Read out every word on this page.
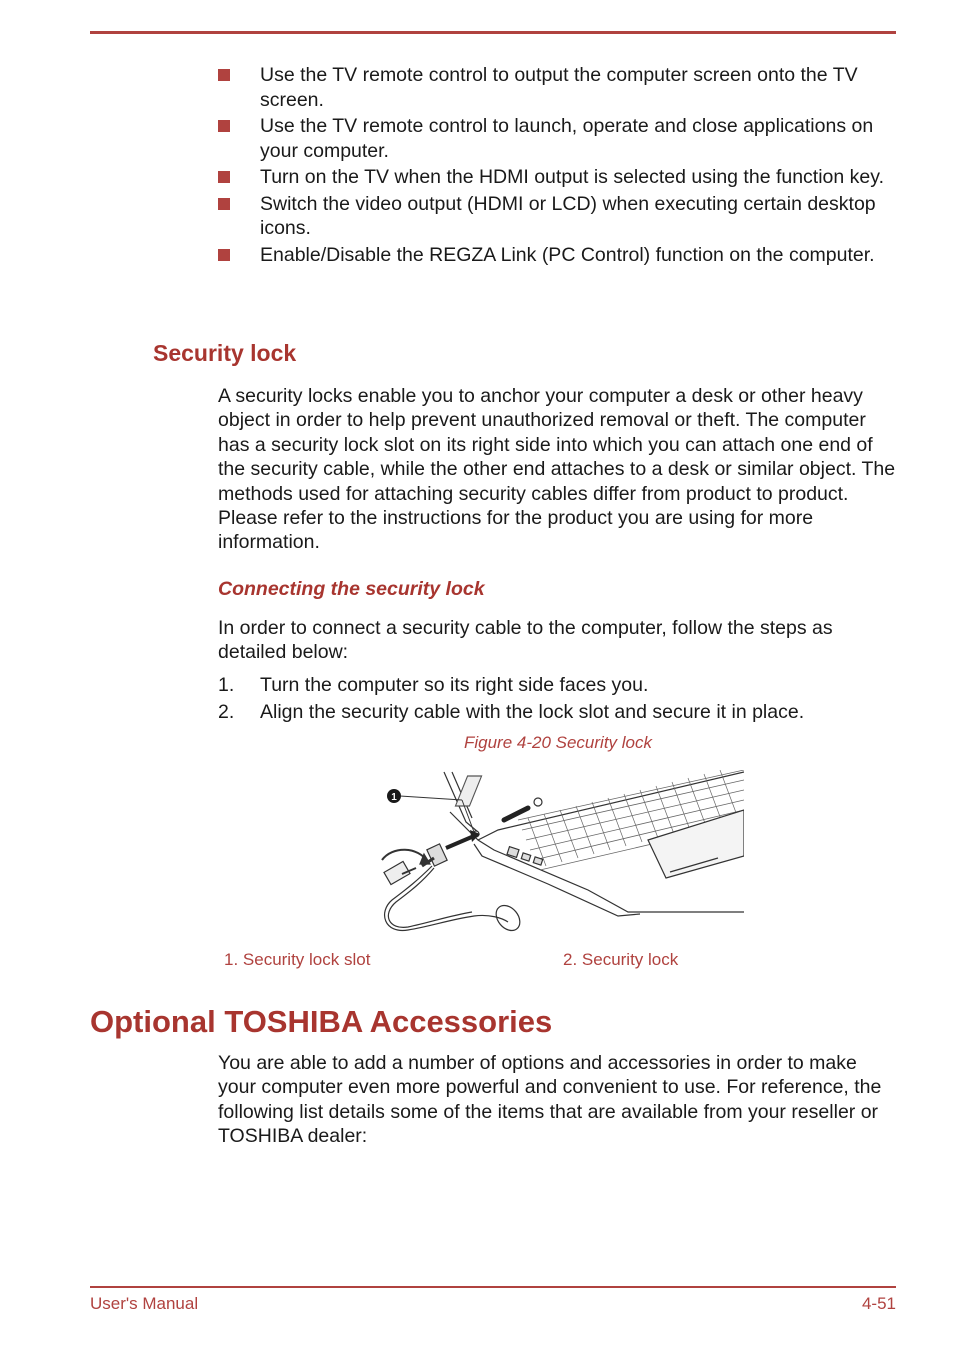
Use the TV remote control to output the computer screen onto the TV screen.
Use the TV remote control to launch, operate and close applications on your computer.
Turn on the TV when the HDMI output is selected using the function key.
Switch the video output (HDMI or LCD) when executing certain desktop icons.
Enable/Disable the REGZA Link (PC Control) function on the computer.
Security lock

A security locks enable you to anchor your computer a desk or other heavy object in order to help prevent unauthorized removal or theft. The computer has a security lock slot on its right side into which you can attach one end of the security cable, while the other end attaches to a desk or similar object. The methods used for attaching security cables differ from product to product. Please refer to the instructions for the product you are using for more information.

Connecting the security lock

In order to connect a security cable to the computer, follow the steps as detailed below:

1. Turn the computer so its right side faces you.
2. Align the security cable with the lock slot and secure it in place.

Figure 4-20 Security lock

1
1. Security lock slot	2. Security lock
Optional TOSHIBA Accessories

You are able to add a number of options and accessories in order to make your computer even more powerful and convenient to use. For reference, the following list details some of the items that are available from your reseller or TOSHIBA dealer:

User's Manual	4-51
